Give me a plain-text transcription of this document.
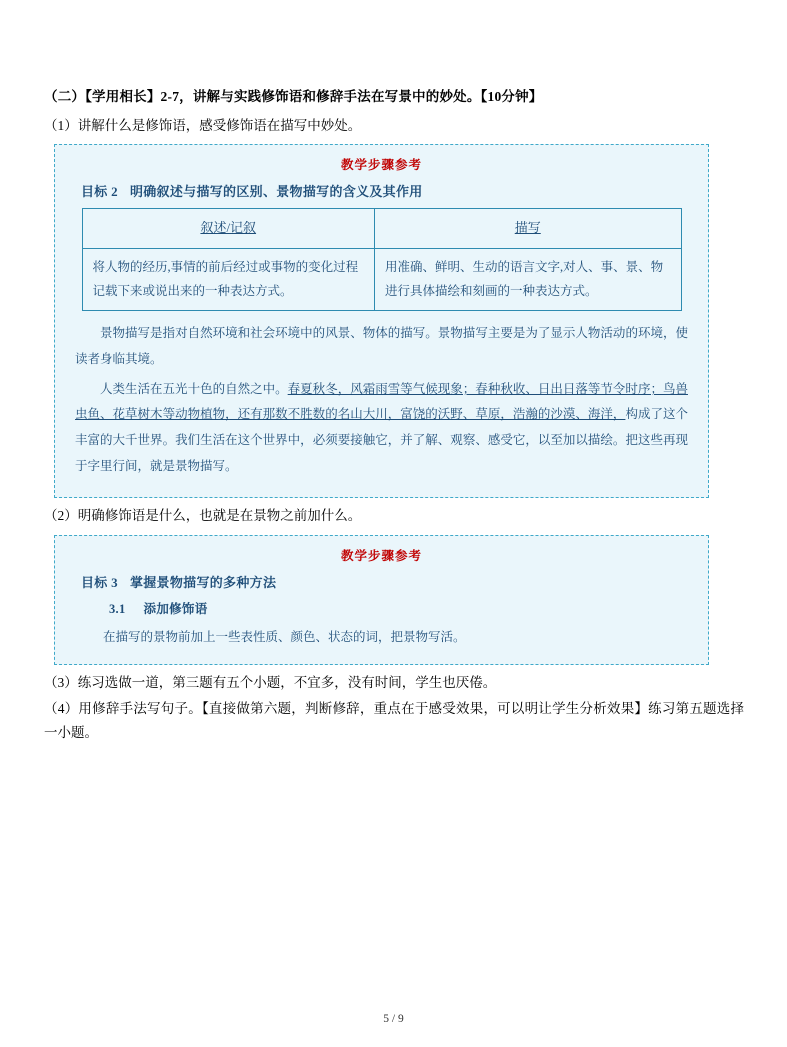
（二）【学用相长】2-7，讲解与实践修饰语和修辞手法在写景中的妙处。【10分钟】
（1）讲解什么是修饰语，感受修饰语在描写中妙处。
教学步骤参考
目标 2 明确叙述与描写的区别、景物描写的含义及其作用
叙述/记叙	描写
将人物的经历,事情的前后经过或事物的变化过程记载下来或说出来的一种表达方式。	用准确、鲜明、生动的语言文字,对人、事、景、物进行具体描绘和刻画的一种表达方式。
景物描写是指对自然环境和社会环境中的风景、物体的描写。景物描写主要是为了显示人物活动的环境，使读者身临其境。
人类生活在五光十色的自然之中。春夏秋冬，风霜雨雪等气候现象；春种秋收、日出日落等节令时序；鸟兽虫鱼、花草树木等动物植物，还有那数不胜数的名山大川，富饶的沃野、草原，浩瀚的沙漠、海洋，构成了这个丰富的大千世界。我们生活在这个世界中，必须要接触它，并了解、观察、感受它，以至加以描绘。把这些再现于字里行间，就是景物描写。
（2）明确修饰语是什么，也就是在景物之前加什么。
教学步骤参考
目标 3 掌握景物描写的多种方法
3.1 添加修饰语
在描写的景物前加上一些表性质、颜色、状态的词，把景物写活。
（3）练习选做一道，第三题有五个小题，不宜多，没有时间，学生也厌倦。
（4）用修辞手法写句子。【直接做第六题，判断修辞，重点在于感受效果，可以明让学生分析效果】练习第五题选择一小题。
5 / 9
